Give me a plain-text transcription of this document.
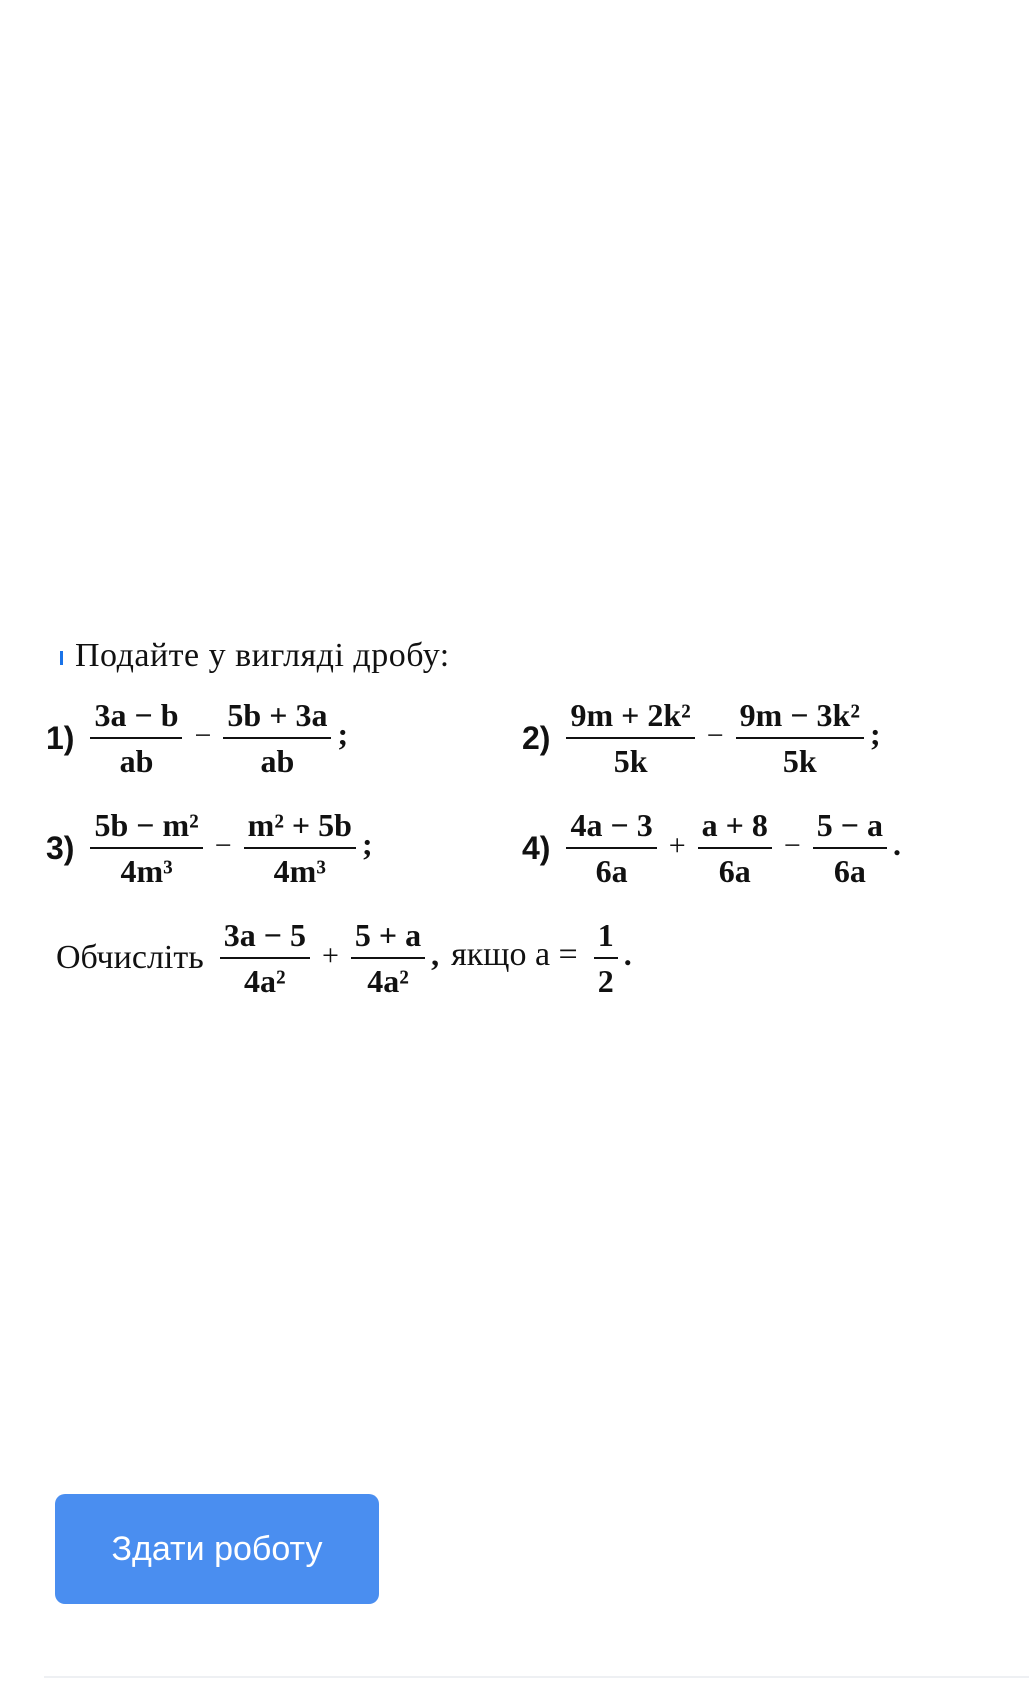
Подайте у вигляді дробу:
$1) \frac{3a - b}{ab} - \frac{5b + 3a}{ab}$ ;	$2) \frac{\text{9m + 2k²}}{5k} - \frac{\text{9m − 3k²}}{5k}$ ;
$3) \frac{\text{5b − m²}}{\text{4m³}} - \frac{\text{m² + 5b}}{\text{4m³}}$ ;	$4) \frac{4a - 3}{6a} + \frac{a + 8}{6a} - \frac{5 - a}{6a}$ .
Обчисліть $\frac{3a - 5}{\text{4a²}} + \frac{5 + a}{\text{4a²}}$ , якщо $a = \frac{1}{2}$ .
Здати роботу
